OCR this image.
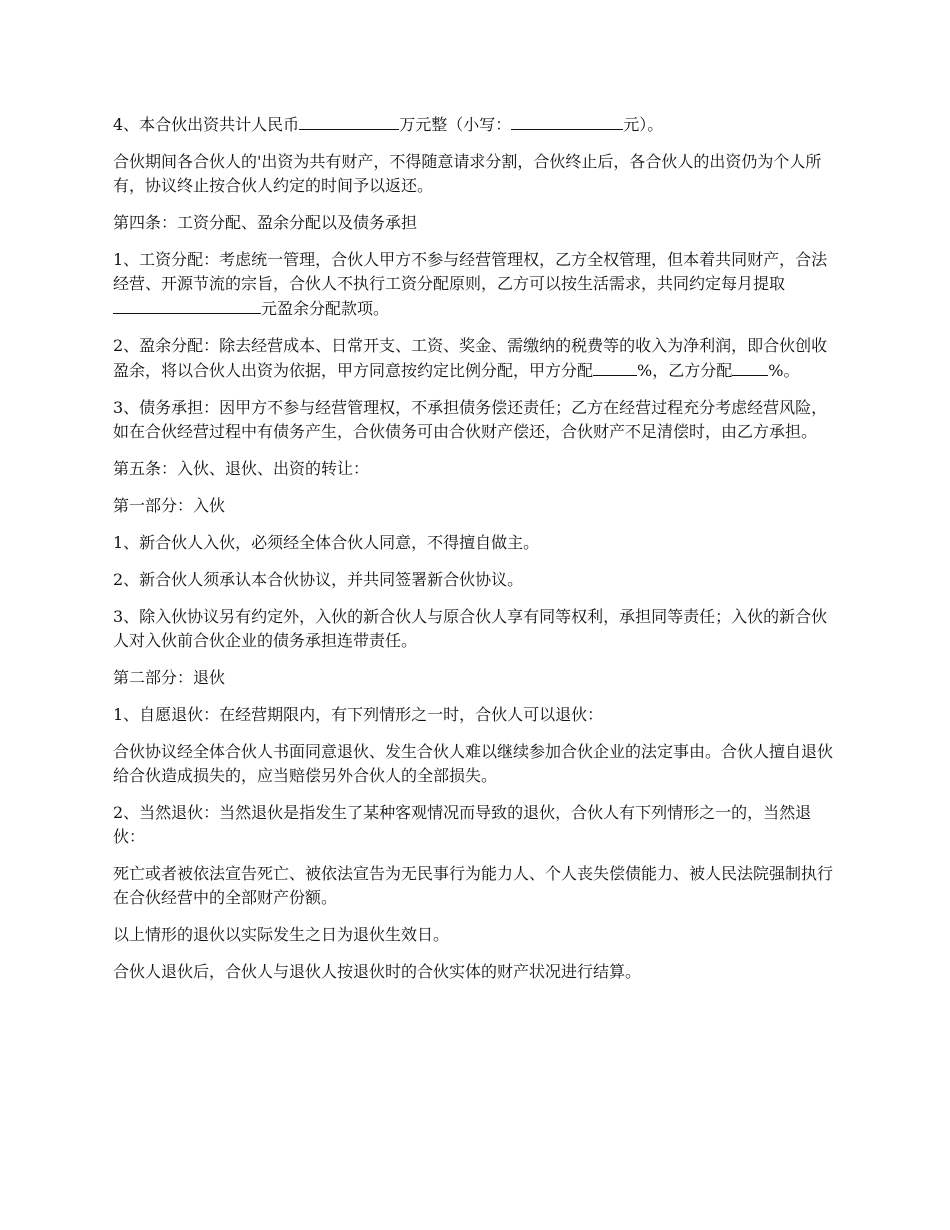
4、本合伙出资共计人民币	万元整（小写：	元）。

合伙期间各合伙人的'出资为共有财产，不得随意请求分割，合伙终止后，各合伙人的出资仍为个人所有，协议终止按合伙人约定的时间予以返还。

第四条：工资分配、盈余分配以及债务承担

1、工资分配：考虑统一管理，合伙人甲方不参与经营管理权，乙方全权管理，但本着共同财产，合法经营、开源节流的宗旨，合伙人不执行工资分配原则，乙方可以按生活需求，共同约定每月提取元盈余分配款项。

2、盈余分配：除去经营成本、日常开支、工资、奖金、需缴纳的税费等的收入为净利润，即合伙创收盈余，将以合伙人出资为依据，甲方同意按约定比例分配，甲方分配	%，乙方分配 %。

3、债务承担：因甲方不参与经营管理权，不承担债务偿还责任；乙方在经营过程充分考虑经营风险，如在合伙经营过程中有债务产生，合伙债务可由合伙财产偿还，合伙财产不足清偿时，由乙方承担。

第五条：入伙、退伙、出资的转让：

第一部分：入伙

1、新合伙人入伙，必须经全体合伙人同意，不得擅自做主。

2、新合伙人须承认本合伙协议，并共同签署新合伙协议。

3、除入伙协议另有约定外，入伙的新合伙人与原合伙人享有同等权利，承担同等责任；入伙的新合伙人对入伙前合伙企业的债务承担连带责任。

第二部分：退伙

1、自愿退伙：在经营期限内，有下列情形之一时，合伙人可以退伙：

合伙协议经全体合伙人书面同意退伙、发生合伙人难以继续参加合伙企业的法定事由。合伙人擅自退伙给合伙造成损失的，应当赔偿另外合伙人的全部损失。

2、当然退伙：当然退伙是指发生了某种客观情况而导致的退伙，合伙人有下列情形之一的，当然退伙：

死亡或者被依法宣告死亡、被依法宣告为无民事行为能力人、个人丧失偿债能力、被人民法院强制执行在合伙经营中的全部财产份额。

以上情形的退伙以实际发生之日为退伙生效日。

合伙人退伙后，合伙人与退伙人按退伙时的合伙实体的财产状况进行结算。
